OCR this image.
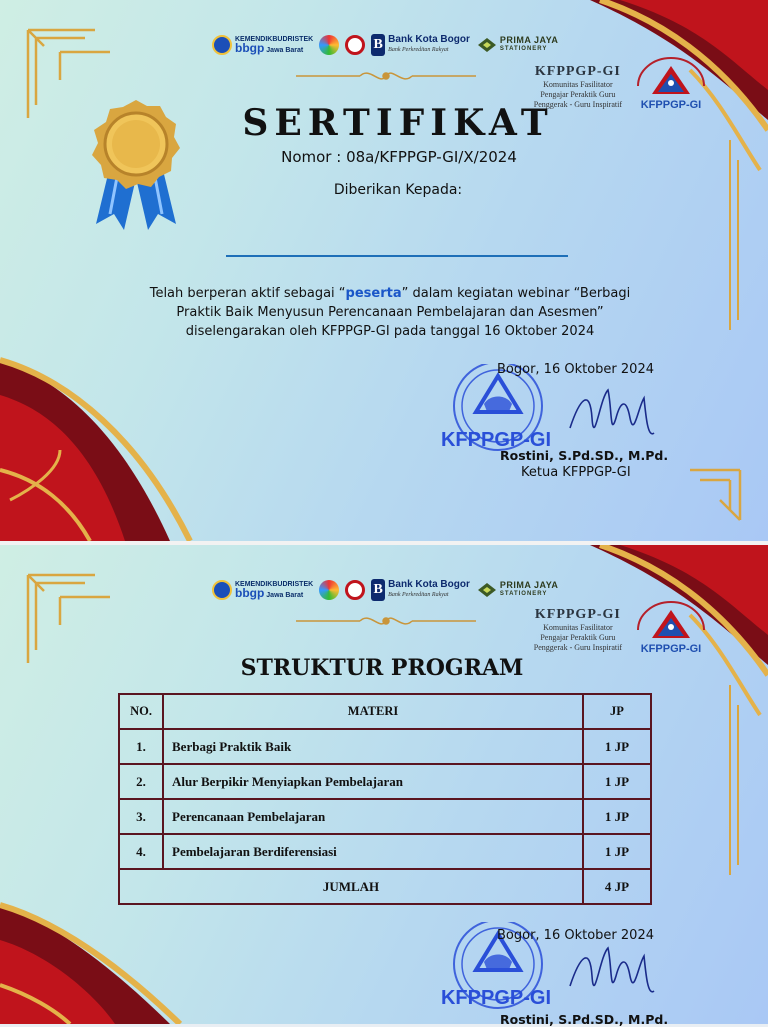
KEMENDIKBUDRISTEK
bbgp Jawa Barat	B Bank Kota Bogor
Bank Perkreditan Rakyat
PRIMA JAYA
STATIONERY
KFPPGP-GI
Komunitas Fasilitator
Pengajar Peraktik Guru
Penggerak - Guru Inspiratif KFPPGP-GI
SERTIFIKAT
Nomor : 08a/KFPPGP-GI/X/2024
Diberikan Kepada:
Telah berperan aktif sebagai “peserta” dalam kegiatan webinar “Berbagi
Praktik Baik Menyusun Perencanaan Pembelajaran dan Asesmen”
diselengarakan oleh KFPPGP-GI pada tanggal 16 Oktober 2024
KFPPGP-GI
Bogor, 16 Oktober 2024
Rostini, S.Pd.SD., M.Pd.
Ketua KFPPGP-GI
KEMENDIKBUDRISTEK
bbgp Jawa Barat	B Bank Kota Bogor
Bank Perkreditan Rakyat
PRIMA JAYA
STATIONERY
KFPPGP-GI
Komunitas Fasilitator
Pengajar Peraktik Guru
Penggerak - Guru Inspiratif KFPPGP-GI
STRUKTUR PROGRAM
NO.	MATERI	JP
1.	Berbagi Praktik Baik	1 JP
2.	Alur Berpikir Menyiapkan Pembelajaran	1 JP
3.	Perencanaan Pembelajaran	1 JP
4.	Pembelajaran Berdiferensiasi	1 JP
JUMLAH		4 JP
KFPPGP-GI
Bogor, 16 Oktober 2024
Rostini, S.Pd.SD., M.Pd.
